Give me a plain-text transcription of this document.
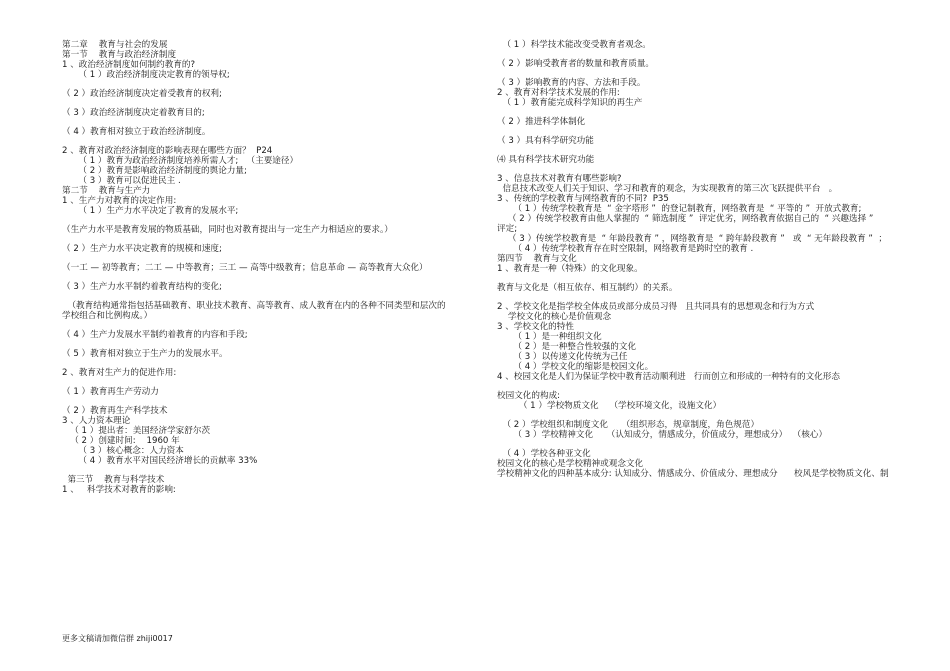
第二章    教育与社会的发展
第一节    教育与政治经济制度
1 、政治经济制度如何制约教育的?
（ 1 ）政治经济制度决定教育的领导权;
（ 2 ）政治经济制度决定着受教育的权利;
（ 3 ）政治经济制度决定着教育目的;
（ 4 ）教育相对独立于政治经济制度。
2 、教育对政治经济制度的影响表现在哪些方面？  P24
（ 1 ）教育为政治经济制度培养所需人才;   （主要途径）
（ 2 ）教育是影响政治经济制度的舆论力量;
（ 3 ）教育可以促进民主 .
第二节    教育与生产力
1 、生产力对教育的决定作用:
（ 1 ）生产力水平决定了教育的发展水平;
（生产力水平是教育发展的物质基础，同时也对教育提出与一定生产力相适应的要求。）
（ 2 ）生产力水平决定教育的规模和速度;
（一工 — 初等教育；二工 — 中等教育；三工 — 高等中级教育；信息革命 — 高等教育大众化）
（ 3 ）生产力水平制约着教育结构的变化;
（教育结构通常指包括基础教育、职业技术教育、高等教育、成人教育在内的各种不同类型和层次的
学校组合和比例构成。）
（ 4 ）生产力发展水平制约着教育的内容和手段;
（ 5 ）教育相对独立于生产力的发展水平。
2 、教育对生产力的促进作用:
（ 1 ）教育再生产劳动力
（ 2 ）教育再生产科学技术
3 、人力资本理论
（ 1 ）提出者：美国经济学家舒尔茨
（ 2 ）创建时间:    1960 年
（ 3 ）核心概念：人力资本
（ 4 ）教育水平对国民经济增长的贡献率 33%
第三节    教育与科学技术
1 、   科学技术对教育的影响:
（ 1 ）科学技术能改变受教育者观念。
（ 2 ）影响受教育者的数量和教育质量。
（ 3 ）影响教育的内容、方法和手段。
2 、教育对科学技术发展的作用:
（ 1 ）教育能完成科学知识的再生产
（ 2 ）推进科学体制化
（ 3 ）具有科学研究功能
⑷ 具有科学技术研究功能
3 、信息技术对教育有哪些影响?
信息技术改变人们关于知识、学习和教育的观念，为实现教育的第三次飞跃提供平台   。
3 、传统的学校教育与网络教育的不同?  P35
（ 1 ）传统学校教育是  “ 金字塔形 ”  的登记制教育，网络教育是  “ 平等的 ”  开放式教育;
（ 2 ）传统学校教育由他人掌握的  “ 筛选制度 ”  评定优劣，网络教育依据自己的  “ 兴趣选择 ”
评定;
（ 3 ）传统学校教育是  “ 年龄段教育 ” ，网络教育是  “ 跨年龄段教育 ”   或  “ 无年龄段教育 ”  ；
（ 4 ）传统学校教育存在时空限制，网络教育是跨时空的教育 .
第四节    教育与文化
1 、教育是一种（特殊）的文化现象。
教育与文化是（相互依存、相互制约）的关系。
2 、学校文化是指学校全体成员或部分成员习得   且共同具有的思想观念和行为方式
学校文化的核心是价值观念
3 、学校文化的特性
（ 1 ）是一种组织文化
（ 2 ）是一种整合性较强的文化
（ 3 ）以传递文化传统为己任
（ 4 ）学校文化的缩影是校园文化。
4 、校园文化是人们为保证学校中教育活动顺利进   行而创立和形成的一种特有的文化形态
校园文化的构成:
（ 1 ）学校物质文化    （学校环境文化，设施文化）
（ 2 ）学校组织和制度文化     （组织形态，规章制度，角色规范）
（ 3 ）学校精神文化     （认知成分，情感成分，价值成分，理想成分）  （核心）
（ 4 ）学校各种亚文化
校园文化的核心是学校精神或观念文化
学校精神文化的四种基本成分: 认知成分、情感成分、价值成分、理想成分      校风是学校物质文化、制
更多文稿请加微信群 zhiji0017
